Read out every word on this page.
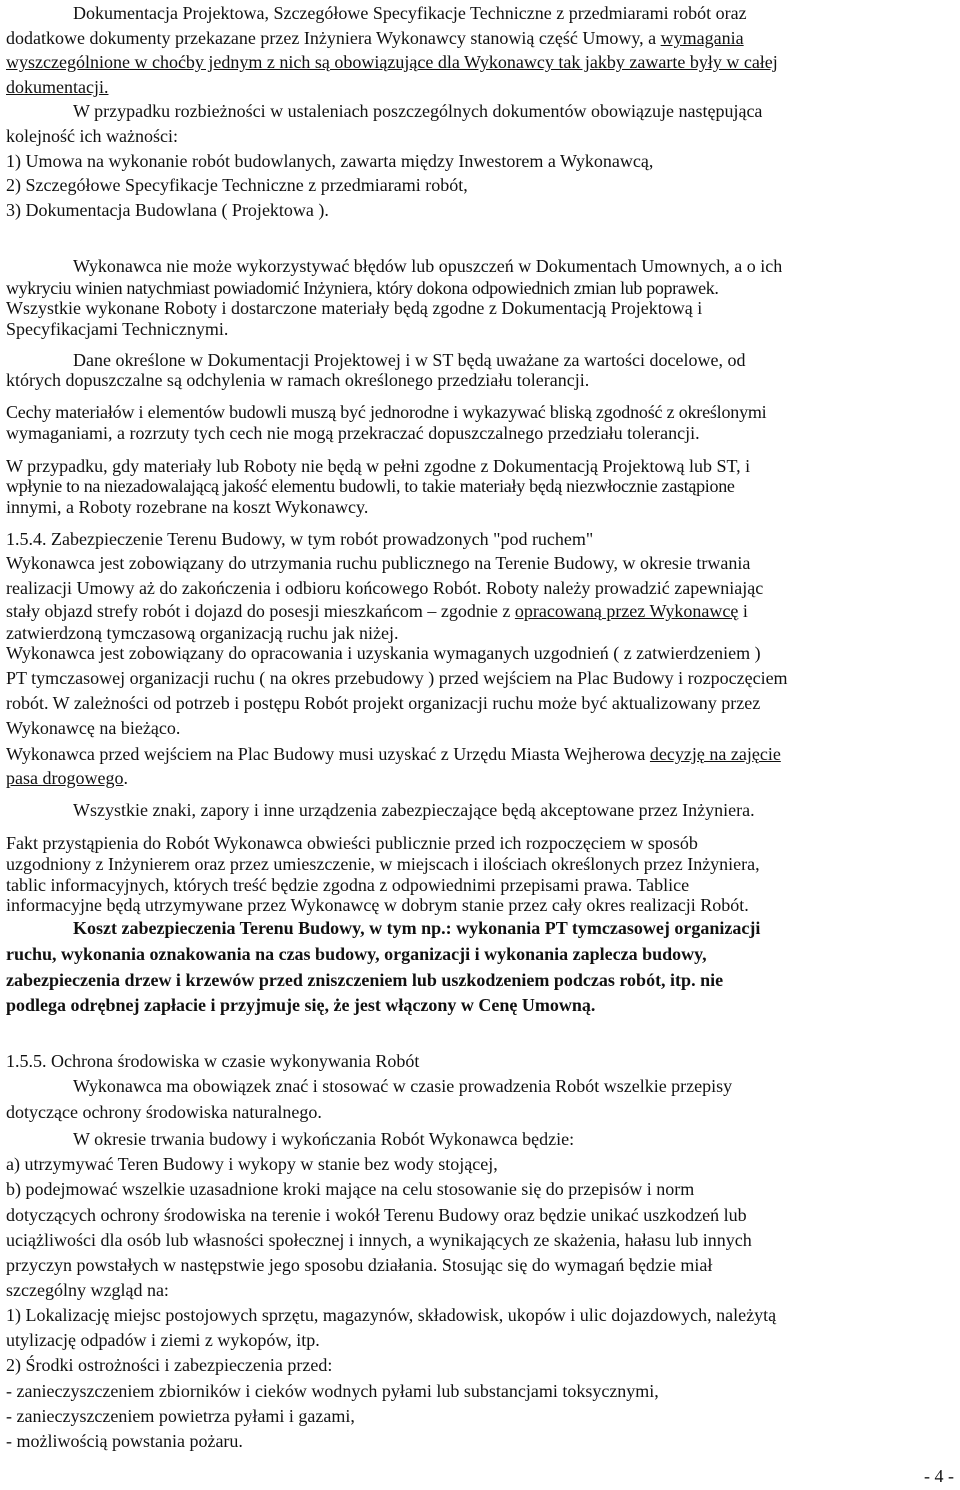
Dokumentacja Projektowa, Szczegółowe Specyfikacje Techniczne z przedmiarami robót oraz
dodatkowe dokumenty przekazane przez Inżyniera Wykonawcy stanowią część Umowy, a wymagania
wyszczególnione w choćby jednym z nich są obowiązujące dla Wykonawcy tak jakby zawarte były w całej
dokumentacji.
W przypadku rozbieżności w ustaleniach poszczególnych dokumentów obowiązuje następująca
kolejność ich ważności:
1) Umowa na wykonanie robót budowlanych, zawarta między Inwestorem a Wykonawcą,
2) Szczegółowe Specyfikacje Techniczne z przedmiarami robót,
3) Dokumentacja Budowlana ( Projektowa ).
Wykonawca nie może wykorzystywać błędów lub opuszczeń w Dokumentach Umownych, a o ich
wykryciu winien natychmiast powiadomić Inżyniera, który dokona odpowiednich zmian lub poprawek.
Wszystkie wykonane Roboty i dostarczone materiały będą zgodne z Dokumentacją Projektową i
Specyfikacjami Technicznymi.
Dane określone w Dokumentacji Projektowej i w ST będą uważane za wartości docelowe, od
których dopuszczalne są odchylenia w ramach określonego przedziału tolerancji.
Cechy materiałów i elementów budowli muszą być jednorodne i wykazywać bliską zgodność z określonymi
wymaganiami, a rozrzuty tych cech nie mogą przekraczać dopuszczalnego przedziału tolerancji.
W przypadku, gdy materiały lub Roboty nie będą w pełni zgodne z Dokumentacją Projektową lub ST, i
wpłynie to na niezadowalającą jakość elementu budowli, to takie materiały będą niezwłocznie zastąpione
innymi, a Roboty rozebrane na koszt Wykonawcy.
1.5.4. Zabezpieczenie Terenu Budowy, w tym robót prowadzonych "pod ruchem"
Wykonawca jest zobowiązany do utrzymania ruchu publicznego na Terenie Budowy, w okresie trwania
realizacji Umowy aż do zakończenia i odbioru końcowego Robót. Roboty należy prowadzić zapewniając
stały objazd strefy robót i dojazd do posesji mieszkańcom – zgodnie z opracowaną przez Wykonawcę i
zatwierdzoną tymczasową organizacją ruchu jak niżej.
Wykonawca jest zobowiązany do opracowania i uzyskania wymaganych uzgodnień ( z zatwierdzeniem )
PT tymczasowej organizacji ruchu ( na okres przebudowy ) przed wejściem na Plac Budowy i rozpoczęciem
robót. W zależności od potrzeb i postępu Robót projekt organizacji ruchu może być aktualizowany przez
Wykonawcę na bieżąco.
Wykonawca przed wejściem na Plac Budowy musi uzyskać z Urzędu Miasta Wejherowa decyzję na zajęcie
pasa drogowego.
Wszystkie znaki, zapory i inne urządzenia zabezpieczające będą akceptowane przez Inżyniera.
Fakt przystąpienia do Robót Wykonawca obwieści publicznie przed ich rozpoczęciem w sposób
uzgodniony z Inżynierem oraz przez umieszczenie, w miejscach i ilościach określonych przez Inżyniera,
tablic informacyjnych, których treść będzie zgodna z odpowiednimi przepisami prawa. Tablice
informacyjne będą utrzymywane przez Wykonawcę w dobrym stanie przez cały okres realizacji Robót.
Koszt zabezpieczenia Terenu Budowy, w tym np.: wykonania PT tymczasowej organizacji
ruchu, wykonania oznakowania na czas budowy, organizacji i wykonania zaplecza budowy,
zabezpieczenia drzew i krzewów przed zniszczeniem lub uszkodzeniem podczas robót, itp. nie
podlega odrębnej zapłacie i przyjmuje się, że jest włączony w Cenę Umowną.
1.5.5. Ochrona środowiska w czasie wykonywania Robót
Wykonawca ma obowiązek znać i stosować w czasie prowadzenia Robót wszelkie przepisy
dotyczące ochrony środowiska naturalnego.
W okresie trwania budowy i wykończania Robót Wykonawca będzie:
a) utrzymywać Teren Budowy i wykopy w stanie bez wody stojącej,
b) podejmować wszelkie uzasadnione kroki mające na celu stosowanie się do przepisów i norm
dotyczących ochrony środowiska na terenie i wokół Terenu Budowy oraz będzie unikać uszkodzeń lub
uciążliwości dla osób lub własności społecznej i innych, a wynikających ze skażenia, hałasu lub innych
przyczyn powstałych w następstwie jego sposobu działania. Stosując się do wymagań będzie miał
szczególny wzgląd na:
1) Lokalizację miejsc postojowych sprzętu, magazynów, składowisk, ukopów i ulic dojazdowych, należytą
utylizację odpadów i ziemi z wykopów, itp.
2) Środki ostrożności i zabezpieczenia przed:
- zanieczyszczeniem zbiorników i cieków wodnych pyłami lub substancjami toksycznymi,
- zanieczyszczeniem powietrza pyłami i gazami,
- możliwością powstania pożaru.
- 4 -
